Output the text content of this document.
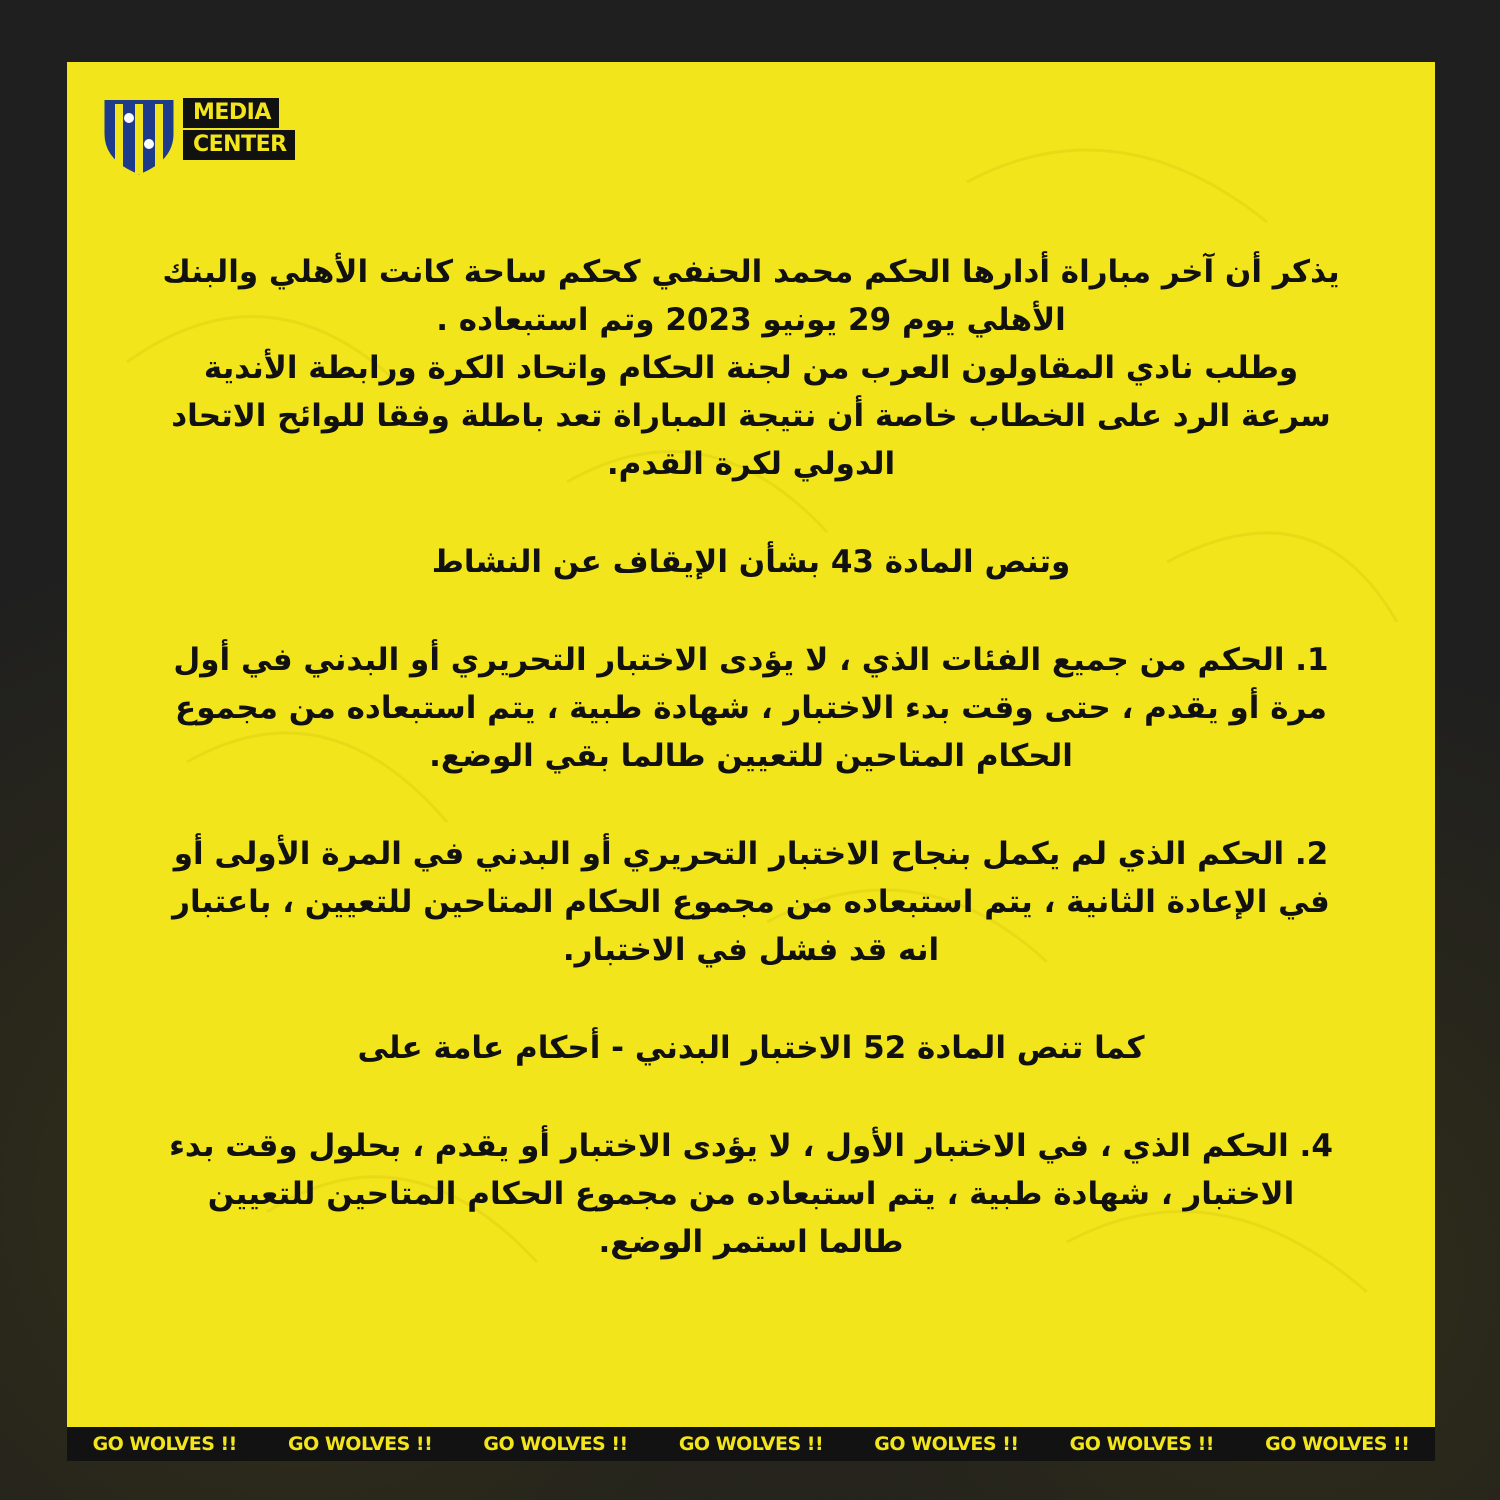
MEDIA
CENTER

يذكر أن آخر مباراة أدارها الحكم محمد الحنفي كحكم ساحة كانت الأهلي والبنك
الأهلي يوم 29 يونيو 2023 وتم استبعاده .
وطلب نادي المقاولون العرب من لجنة الحكام واتحاد الكرة ورابطة الأندية
سرعة الرد على الخطاب خاصة أن نتيجة المباراة تعد باطلة وفقا للوائح الاتحاد
الدولي لكرة القدم.

وتنص المادة 43 بشأن الإيقاف عن النشاط

1. الحكم من جميع الفئات الذي ، لا يؤدى الاختبار التحريري أو البدني في أول
مرة أو يقدم ، حتى وقت بدء الاختبار ، شهادة طبية ، يتم استبعاده من مجموع
الحكام المتاحين للتعيين طالما بقي الوضع.

2. الحكم الذي لم يكمل بنجاح الاختبار التحريري أو البدني في المرة الأولى أو
في الإعادة الثانية ، يتم استبعاده من مجموع الحكام المتاحين للتعيين ، باعتبار
انه قد فشل في الاختبار.

كما تنص المادة 52 الاختبار البدني - أحكام عامة على

4. الحكم الذي ، في الاختبار الأول ، لا يؤدى الاختبار أو يقدم ، بحلول وقت بدء
الاختبار ، شهادة طبية ، يتم استبعاده من مجموع الحكام المتاحين للتعيين
طالما استمر الوضع.

GO WOLVES !!	GO WOLVES !!	GO WOLVES !!	GO WOLVES !!	GO WOLVES !!	GO WOLVES !!	GO WOLVES !!
